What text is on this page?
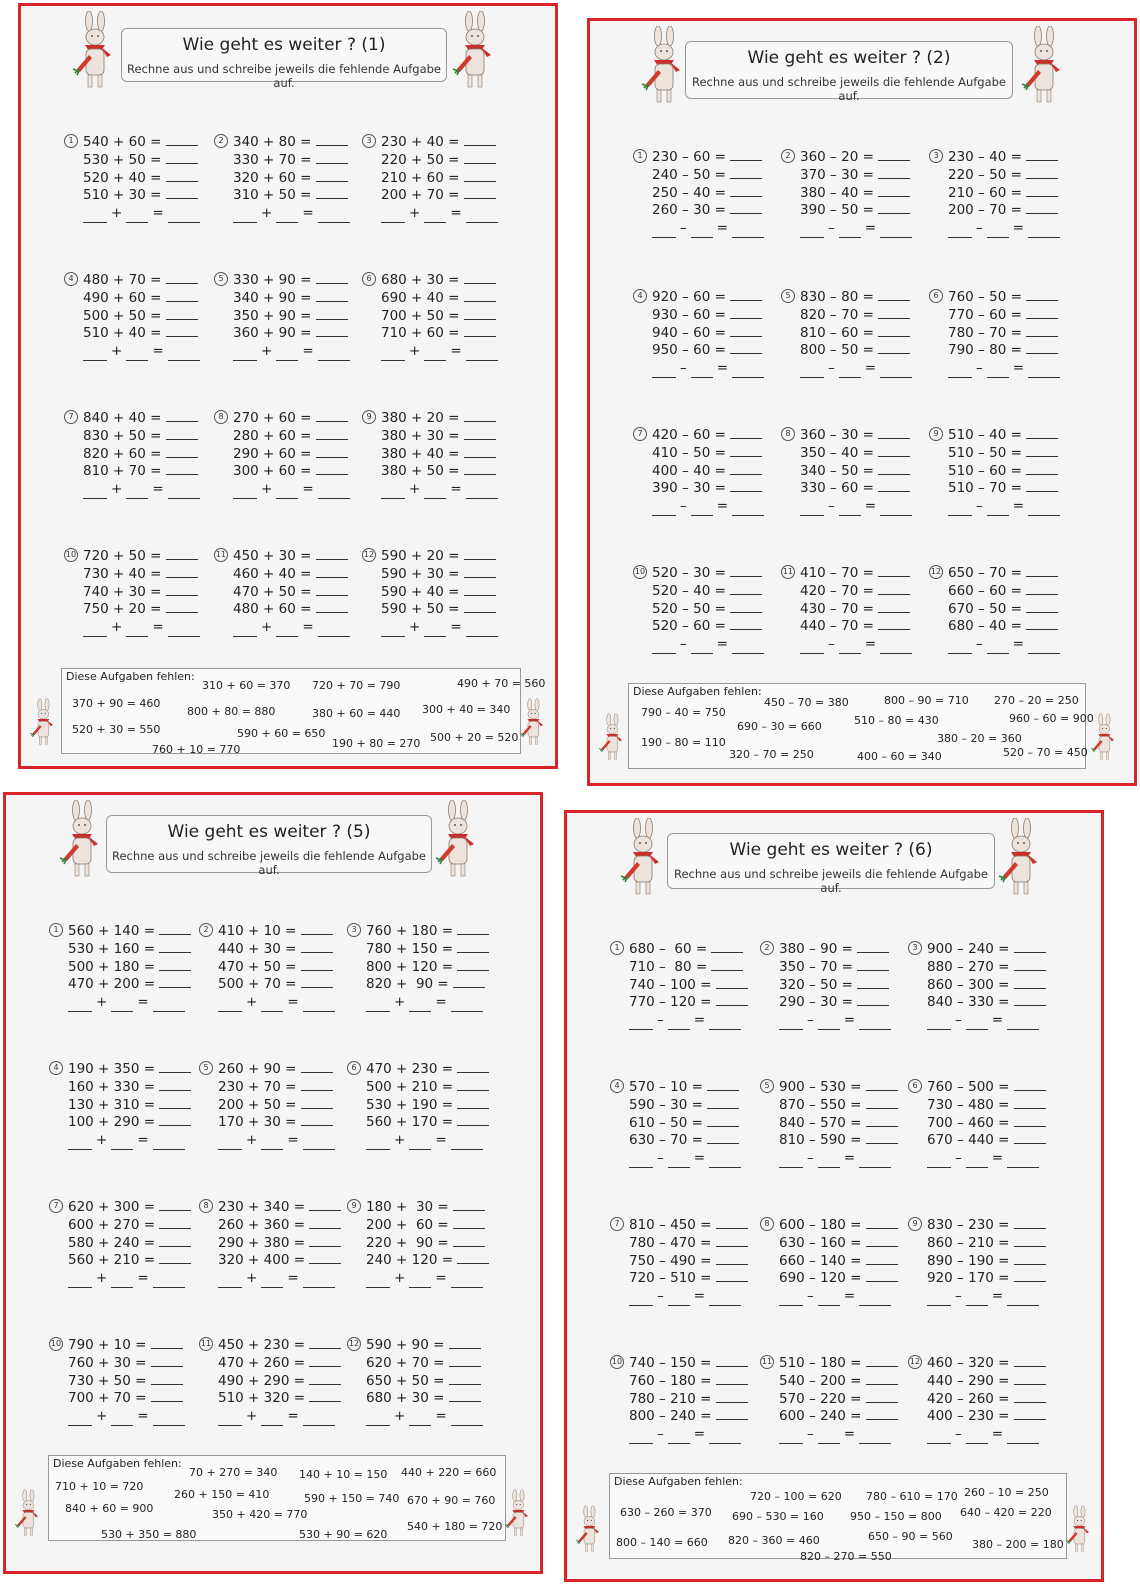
Wie geht es weiter ? (1)
Rechne aus und schreibe jeweils die fehlende Aufgabe auf.
1 540 + 60 =
530 + 50 =
520 + 40 =
510 + 30 =
+ =
2 340 + 80 =
330 + 70 =
320 + 60 =
310 + 50 =
+ =
3 230 + 40 =
220 + 50 =
210 + 60 =
200 + 70 =
+ =
4 480 + 70 =
490 + 60 =
500 + 50 =
510 + 40 =
+ =
5 330 + 90 =
340 + 90 =
350 + 90 =
360 + 90 =
+ =
6 680 + 30 =
690 + 40 =
700 + 50 =
710 + 60 =
+ =
7 840 + 40 =
830 + 50 =
820 + 60 =
810 + 70 =
+ =
8 270 + 60 =
280 + 60 =
290 + 60 =
300 + 60 =
+ =
9 380 + 20 =
380 + 30 =
380 + 40 =
380 + 50 =
+ =
10 720 + 50 =
730 + 40 =
740 + 30 =
750 + 20 =
+ =
11 450 + 30 =
460 + 40 =
470 + 50 =
480 + 60 =
+ =
12 590 + 20 =
590 + 30 =
590 + 40 =
590 + 50 =
+ =
Diese Aufgaben fehlen:
310 + 60 = 370 720 + 70 = 790	490 + 70 = 560
370 + 90 = 460
800 + 80 = 880	380 + 60 = 440 300 + 40 = 340
520 + 30 = 550	590 + 60 = 650
760 + 10 = 770	190 + 80 = 270 500 + 20 = 520
Wie geht es weiter ? (2)
Rechne aus und schreibe jeweils die fehlende Aufgabe auf.
1 230 – 60 =
240 – 50 =
250 – 40 =
260 – 30 =
– =
2 360 – 20 =
370 – 30 =
380 – 40 =
390 – 50 =
– =
3 230 – 40 =
220 – 50 =
210 – 60 =
200 – 70 =
– =
4 920 – 60 =
930 – 60 =
940 – 60 =
950 – 60 =
– =
5 830 – 80 =
820 – 70 =
810 – 60 =
800 – 50 =
– =
6 760 – 50 =
770 – 60 =
780 – 70 =
790 – 80 =
– =
7 420 – 60 =
410 – 50 =
400 – 40 =
390 – 30 =
– =
8 360 – 30 =
350 – 40 =
340 – 50 =
330 – 60 =
– =
9 510 – 40 =
510 – 50 =
510 – 60 =
510 – 70 =
– =
10 520 – 30 =
520 – 40 =
520 – 50 =
520 – 60 =
– =
11 410 – 70 =
420 – 70 =
430 – 70 =
440 – 70 =
– =
12 650 – 70 =
660 – 60 =
670 – 50 =
680 – 40 =
– =
Diese Aufgaben fehlen:
450 – 70 = 380	800 – 90 = 710 270 – 20 = 250
790 – 40 = 750
690 – 30 = 660	510 – 80 = 430	960 – 60 = 900
190 – 80 = 110	380 – 20 = 360
320 – 70 = 250	400 – 60 = 340	520 – 70 = 450
Wie geht es weiter ? (5)
Rechne aus und schreibe jeweils die fehlende Aufgabe auf.
1 560 + 140 =
530 + 160 =
500 + 180 =
470 + 200 =
+ =
2 410 + 10 =
440 + 30 =
470 + 50 =
500 + 70 =
+ =
3 760 + 180 =
780 + 150 =
800 + 120 =
820 +  90 =
+ =
4 190 + 350 =
160 + 330 =
130 + 310 =
100 + 290 =
+ =
5 260 + 90 =
230 + 70 =
200 + 50 =
170 + 30 =
+ =
6 470 + 230 =
500 + 210 =
530 + 190 =
560 + 170 =
+ =
7 620 + 300 =
600 + 270 =
580 + 240 =
560 + 210 =
+ =
8 230 + 340 =
260 + 360 =
290 + 380 =
320 + 400 =
+ =
9 180 +  30 =
200 +  60 =
220 +  90 =
240 + 120 =
+ =
10 790 + 10 =
760 + 30 =
730 + 50 =
700 + 70 =
+ =
11 450 + 230 =
470 + 260 =
490 + 290 =
510 + 320 =
+ =
12 590 + 90 =
620 + 70 =
650 + 50 =
680 + 30 =
+ =
Diese Aufgaben fehlen:
70 + 270 = 340 140 + 10 = 150 440 + 220 = 660
710 + 10 = 720
260 + 150 = 410	590 + 150 = 740 670 + 90 = 760
840 + 60 = 900	350 + 420 = 770
530 + 350 = 880	530 + 90 = 620
540 + 180 = 720
Wie geht es weiter ? (6)
Rechne aus und schreibe jeweils die fehlende Aufgabe auf.
1 680 –  60 =
710 –  80 =
740 – 100 =
770 – 120 =
– =
2 380 – 90 =
350 – 70 =
320 – 50 =
290 – 30 =
– =
3 900 – 240 =
880 – 270 =
860 – 300 =
840 – 330 =
– =
4 570 – 10 =
590 – 30 =
610 – 50 =
630 – 70 =
– =
5 900 – 530 =
870 – 550 =
840 – 570 =
810 – 590 =
– =
6 760 – 500 =
730 – 480 =
700 – 460 =
670 – 440 =
– =
7 810 – 450 =
780 – 470 =
750 – 490 =
720 – 510 =
– =
8 600 – 180 =
630 – 160 =
660 – 140 =
690 – 120 =
– =
9 830 – 230 =
860 – 210 =
890 – 190 =
920 – 170 =
– =
10 740 – 150 =
760 – 180 =
780 – 210 =
800 – 240 =
– =
11 510 – 180 =
540 – 200 =
570 – 220 =
600 – 240 =
– =
12 460 – 320 =
440 – 290 =
420 – 260 =
400 – 230 =
– =
Diese Aufgaben fehlen:
720 – 100 = 620 780 – 610 = 170 260 – 10 = 250
630 – 260 = 370 690 – 530 = 160 950 – 150 = 800 640 – 420 = 220
800 – 140 = 660 820 – 360 = 460	650 – 90 = 560
380 – 200 = 180
820 – 270 = 550
